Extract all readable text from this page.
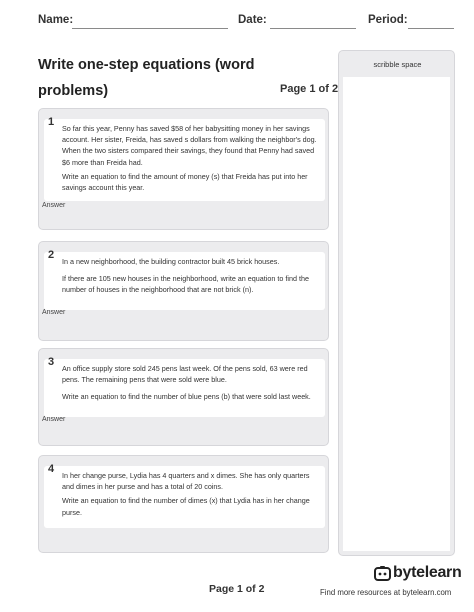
Name:	Date:	Period:
Write one-step equations (word problems)	Page 1 of 2
1

So far this year, Penny has saved $58 of her babysitting money in her savings account. Her sister, Freida, has saved s dollars from walking the neighbor's dog. When the two sisters compared their savings, they found that Penny had saved $6 more than Freida had.

Write an equation to find the amount of money (s) that Freida has put into her savings account this year.

Answer
2

In a new neighborhood, the building contractor built 45 brick houses.

If there are 105 new houses in the neighborhood, write an equation to find the number of houses in the neighborhood that are not brick (n).

Answer
3

An office supply store sold 245 pens last week. Of the pens sold, 63 were red pens. The remaining pens that were sold were blue.

Write an equation to find the number of blue pens (b) that were sold last week.

Answer
4

In her change purse, Lydia has 4 quarters and x dimes. She has only quarters and dimes in her purse and has a total of 20 coins.

Write an equation to find the number of dimes (x) that Lydia has in her change purse.

scribble space
Page 1 of 2
bytelearn
Find more resources at bytelearn.com
